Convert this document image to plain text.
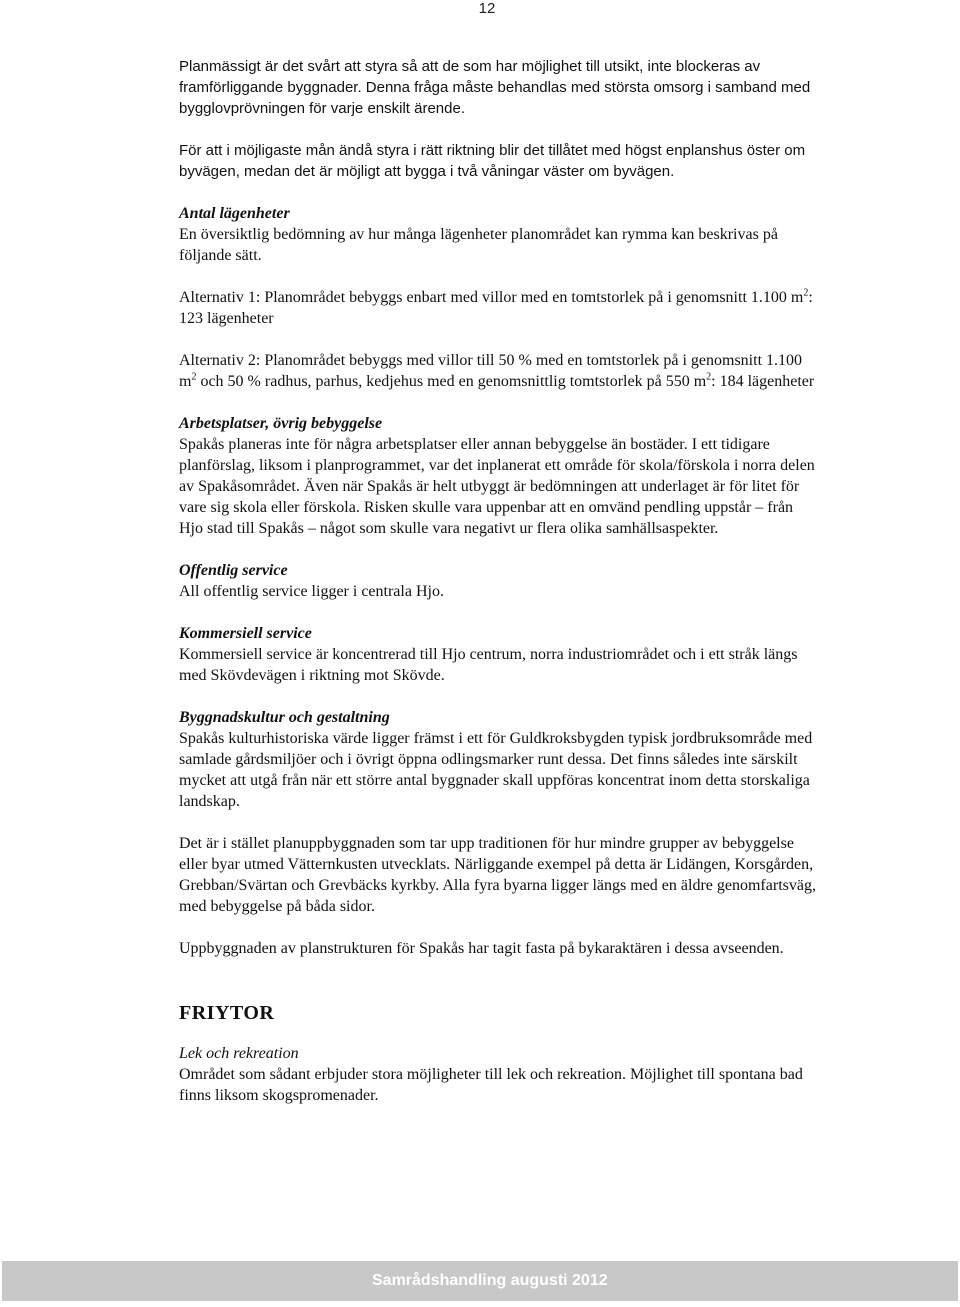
12

Planmässigt är det svårt att styra så att de som har möjlighet till utsikt, inte blockeras av framförliggande byggnader. Denna fråga måste behandlas med största omsorg i samband med bygglovprövningen för varje enskilt ärende.

För att i möjligaste mån ändå styra i rätt riktning blir det tillåtet med högst enplanshus öster om byvägen, medan det är möjligt att bygga i två våningar väster om byvägen.

Antal lägenheter

En översiktlig bedömning av hur många lägenheter planområdet kan rymma kan beskrivas på följande sätt.

Alternativ 1: Planområdet bebyggs enbart med villor med en tomtstorlek på i genomsnitt 1.100 $m^2$: 123 lägenheter

Alternativ 2: Planområdet bebyggs med villor till 50 % med en tomtstorlek på i genomsnitt 1.100 $m^2$ och 50 % radhus, parhus, kedjehus med en genomsnittlig tomtstorlek på 550 $m^2$: 184 lägenheter

Arbetsplatser, övrig bebyggelse

Spakås planeras inte för några arbetsplatser eller annan bebyggelse än bostäder. I ett tidigare planförslag, liksom i planprogrammet, var det inplanerat ett område för skola/förskola i norra delen av Spakåsområdet. Även när Spakås är helt utbyggt är bedömningen att underlaget är för litet för vare sig skola eller förskola. Risken skulle vara uppenbar att en omvänd pendling uppstår – från Hjo stad till Spakås – något som skulle vara negativt ur flera olika samhällsaspekter.

Offentlig service

All offentlig service ligger i centrala Hjo.

Kommersiell service

Kommersiell service är koncentrerad till Hjo centrum, norra industriområdet och i ett stråk längs med Skövdevägen i riktning mot Skövde.

Byggnadskultur och gestaltning

Spakås kulturhistoriska värde ligger främst i ett för Guldkroksbygden typisk jordbruksområde med samlade gårdsmiljöer och i övrigt öppna odlingsmarker runt dessa. Det finns således inte särskilt mycket att utgå från när ett större antal byggnader skall uppföras koncentrat inom detta storskaliga landskap.

Det är i stället planuppbyggnaden som tar upp traditionen för hur mindre grupper av bebyggelse eller byar utmed Vätternkusten utvecklats. Närliggande exempel på detta är Lidängen, Korsgården, Grebban/Svärtan och Grevbäcks kyrkby. Alla fyra byarna ligger längs med en äldre genomfartsväg, med bebyggelse på båda sidor.

Uppbyggnaden av planstrukturen för Spakås har tagit fasta på bykaraktären i dessa avseenden.

FRIYTOR

Lek och rekreation

Området som sådant erbjuder stora möjligheter till lek och rekreation. Möjlighet till spontana bad finns liksom skogspromenader.

Samrådshandling augusti 2012
